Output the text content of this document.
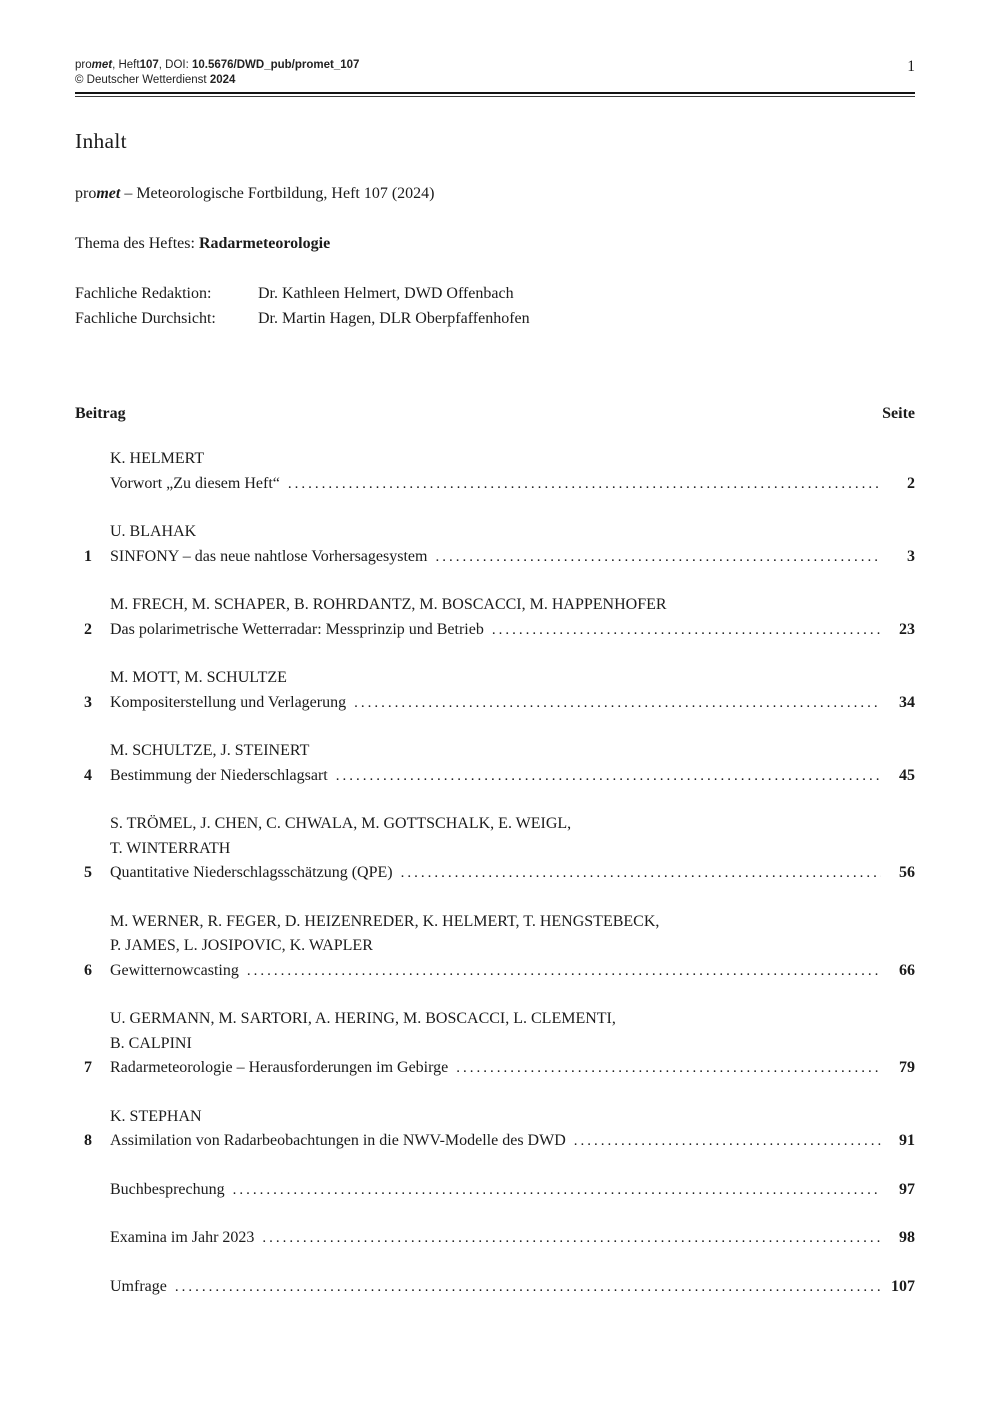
promet, Heft107, DOI: 10.5676/DWD_pub/promet_107
© Deutscher Wetterdienst 2024
1
Inhalt

promet – Meteorologische Fortbildung, Heft 107 (2024)

Thema des Heftes: Radarmeteorologie

Fachliche Redaktion:	Dr. Kathleen Helmert, DWD Offenbach
Fachliche Durchsicht:	Dr. Martin Hagen, DLR Oberpfaffenhofen
Beitrag	Seite
K. HELMERT
Vorwort „Zu diesem Heft“ .....	2
U. BLAHAK
1	SINFONY – das neue nahtlose Vorhersagesystem .....	3
M. FRECH, M. SCHAPER, B. ROHRDANTZ, M. BOSCACCI, M. HAPPENHOFER
2	Das polarimetrische Wetterradar: Messprinzip und Betrieb .....	23
M. MOTT, M. SCHULTZE
3	Kompositerstellung und Verlagerung .....	34
M. SCHULTZE, J. STEINERT
4	Bestimmung der Niederschlagsart .....	45
S. TRÖMEL, J. CHEN, C. CHWALA, M. GOTTSCHALK, E. WEIGL,
T. WINTERRATH
5	Quantitative Niederschlagsschätzung (QPE) .....	56
M. WERNER, R. FEGER, D. HEIZENREDER, K. HELMERT, T. HENGSTEBECK,
P. JAMES, L. JOSIPOVIC, K. WAPLER
6	Gewitternowcasting .....	66
U. GERMANN, M. SARTORI, A. HERING, M. BOSCACCI, L. CLEMENTI,
B. CALPINI
7	Radarmeteorologie – Herausforderungen im Gebirge .....	79
K. STEPHAN
8	Assimilation von Radarbeobachtungen in die NWV-Modelle des DWD .....	91
Buchbesprechung .....	97
Examina im Jahr 2023 .....	98
Umfrage .....	107
